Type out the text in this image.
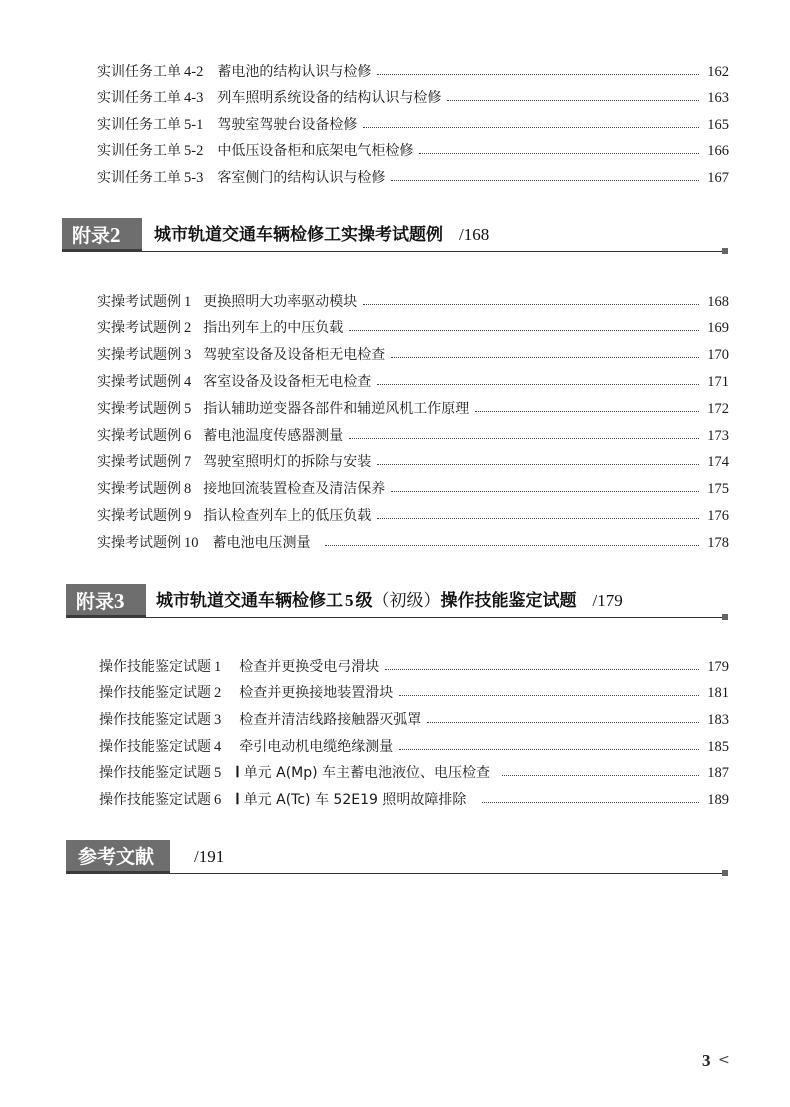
实训任务工单 4-2 蓄电池的结构认识与检修	162
实训任务工单 4-3 列车照明系统设备的结构认识与检修	163
实训任务工单 5-1 驾驶室驾驶台设备检修	165
实训任务工单 5-2 中低压设备柜和底架电气柜检修	166
实训任务工单 5-3 客室侧门的结构认识与检修	167
附录2	城市轨道交通车辆检修工实操考试题例 /168
实操考试题例 1 更换照明大功率驱动模块	168
实操考试题例 2 指出列车上的中压负载	169
实操考试题例 3 驾驶室设备及设备柜无电检查	170
实操考试题例 4 客室设备及设备柜无电检查	171
实操考试题例 5 指认辅助逆变器各部件和辅逆风机工作原理	172
实操考试题例 6 蓄电池温度传感器测量	173
实操考试题例 7 驾驶室照明灯的拆除与安装	174
实操考试题例 8 接地回流装置检查及清洁保养	175
实操考试题例 9 指认检查列车上的低压负载	176
实操考试题例 10 蓄电池电压测量	178
附录3	城市轨道交通车辆检修工 5 级（初级）操作技能鉴定试题 /179
操作技能鉴定试题 1 检查并更换受电弓滑块	179
操作技能鉴定试题 2 检查并更换接地装置滑块	181
操作技能鉴定试题 3 检查并清洁线路接触器灭弧罩	183
操作技能鉴定试题 4 牵引电动机电缆绝缘测量	185
操作技能鉴定试题 5 Ⅰ 单元 A(Mp) 车主蓄电池液位、电压检查	187
操作技能鉴定试题 6 Ⅰ 单元 A(Tc) 车 52E19 照明故障排除	189
参考文献	/191
3 <
